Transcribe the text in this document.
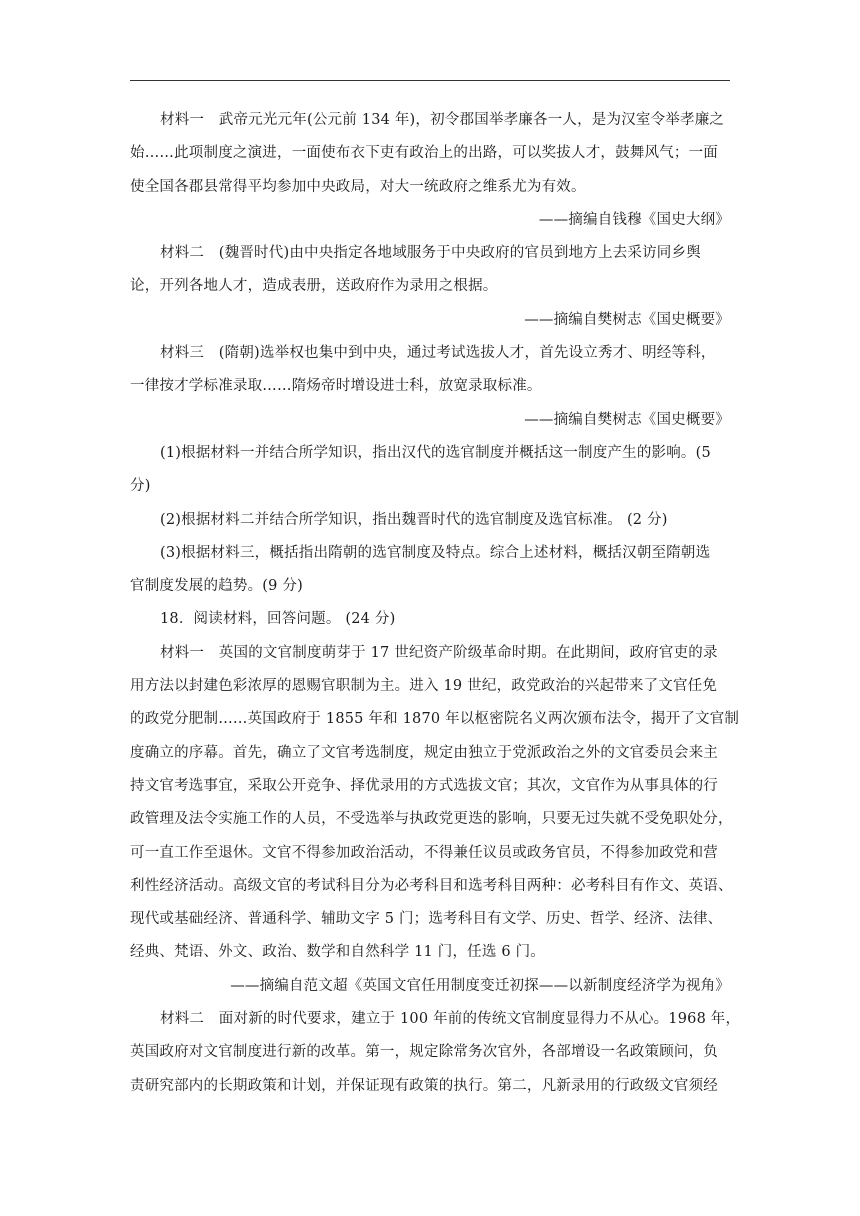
材料一　武帝元光元年(公元前 134 年)，初令郡国举孝廉各一人，是为汉室令举孝廉之
始……此项制度之演进，一面使布衣下吏有政治上的出路，可以奖拔人才，鼓舞风气；一面
使全国各郡县常得平均参加中央政局，对大一统政府之维系尤为有效。
——摘编自钱穆《国史大纲》
材料二　(魏晋时代)由中央指定各地域服务于中央政府的官员到地方上去采访同乡舆
论，开列各地人才，造成表册，送政府作为录用之根据。
——摘编自樊树志《国史概要》
材料三　(隋朝)选举权也集中到中央，通过考试选拔人才，首先设立秀才、明经等科，
一律按才学标准录取……隋炀帝时增设进士科，放宽录取标准。
——摘编自樊树志《国史概要》
(1)根据材料一并结合所学知识，指出汉代的选官制度并概括这一制度产生的影响。(5
分)
(2)根据材料二并结合所学知识，指出魏晋时代的选官制度及选官标准。 (2 分)
(3)根据材料三，概括指出隋朝的选官制度及特点。综合上述材料，概括汉朝至隋朝选
官制度发展的趋势。(9 分)
18．阅读材料，回答问题。 (24 分)
材料一　英国的文官制度萌芽于 17 世纪资产阶级革命时期。在此期间，政府官吏的录
用方法以封建色彩浓厚的恩赐官职制为主。进入 19 世纪，政党政治的兴起带来了文官任免
的政党分肥制……英国政府于 1855 年和 1870 年以枢密院名义两次颁布法令，揭开了文官制
度确立的序幕。首先，确立了文官考选制度，规定由独立于党派政治之外的文官委员会来主
持文官考选事宜，采取公开竞争、择优录用的方式选拔文官；其次，文官作为从事具体的行
政管理及法令实施工作的人员，不受选举与执政党更迭的影响，只要无过失就不受免职处分，
可一直工作至退休。文官不得参加政治活动，不得兼任议员或政务官员，不得参加政党和营
利性经济活动。高级文官的考试科目分为必考科目和选考科目两种：必考科目有作文、英语、
现代或基础经济、普通科学、辅助文字 5 门；选考科目有文学、历史、哲学、经济、法律、
经典、梵语、外文、政治、数学和自然科学 11 门，任选 6 门。
——摘编自范文超《英国文官任用制度变迁初探——以新制度经济学为视角》
材料二　面对新的时代要求，建立于 100 年前的传统文官制度显得力不从心。1968 年，
英国政府对文官制度进行新的改革。第一，规定除常务次官外，各部增设一名政策顾问，负
责研究部内的长期政策和计划，并保证现有政策的执行。第二，凡新录用的行政级文官须经
